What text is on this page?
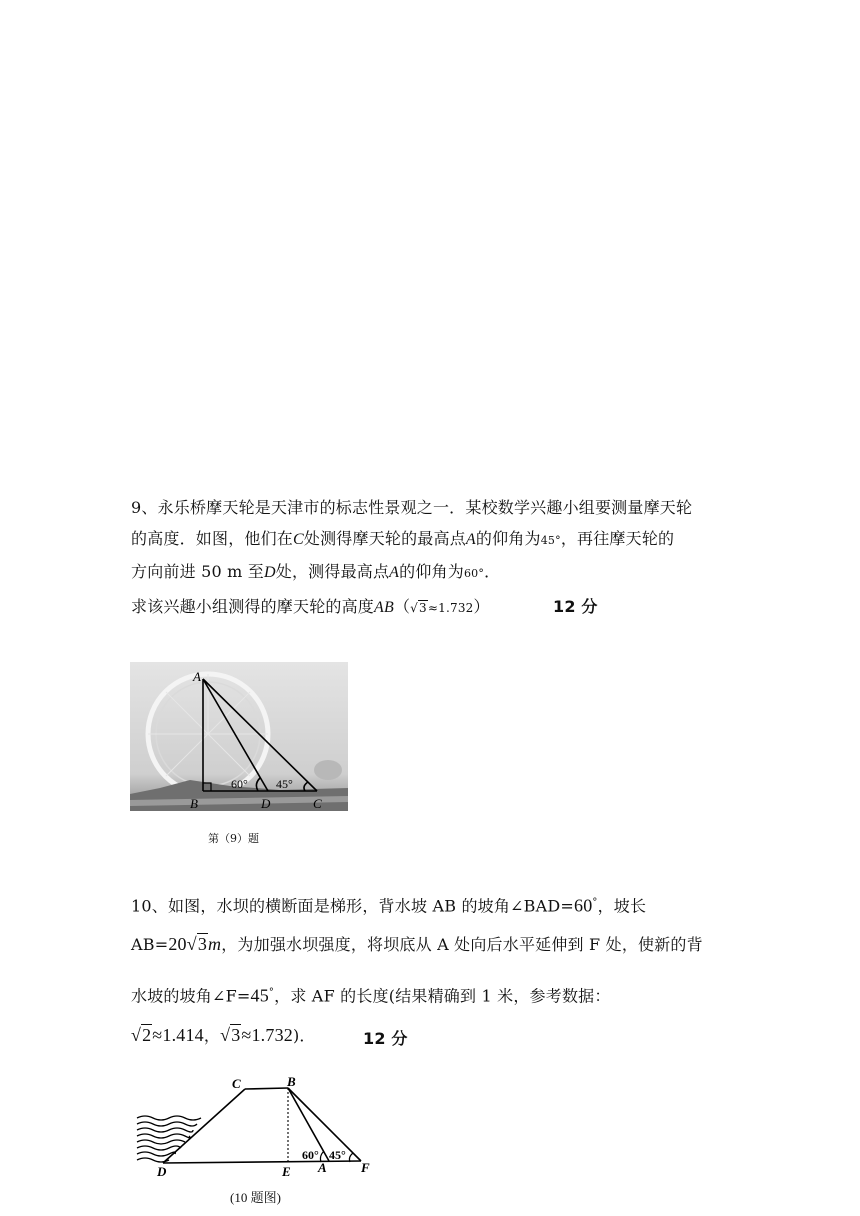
9、永乐桥摩天轮是天津市的标志性景观之一．某校数学兴趣小组要测量摩天轮
的高度．如图，他们在C处测得摩天轮的最高点A的仰角为45°，再往摩天轮的
方向前进 50 m 至D处，测得最高点A的仰角为60°．
求该兴趣小组测得的摩天轮的高度AB（√3≈1.732）	12 分
A
B	D	C
60° 45°
第（9）题
10、如图，水坝的横断面是梯形，背水坡 AB 的坡角∠BAD=60°，坡长
AB=20√3m，为加强水坝强度，将坝底从 A 处向后水平延伸到 F 处，使新的背
水坡的坡角∠F=45°，求 AF 的长度(结果精确到 1 米，参考数据：
√2≈1.414，√3≈1.732)．	12 分
C	B
D	E A	F
60° 45°
(10 题图)
